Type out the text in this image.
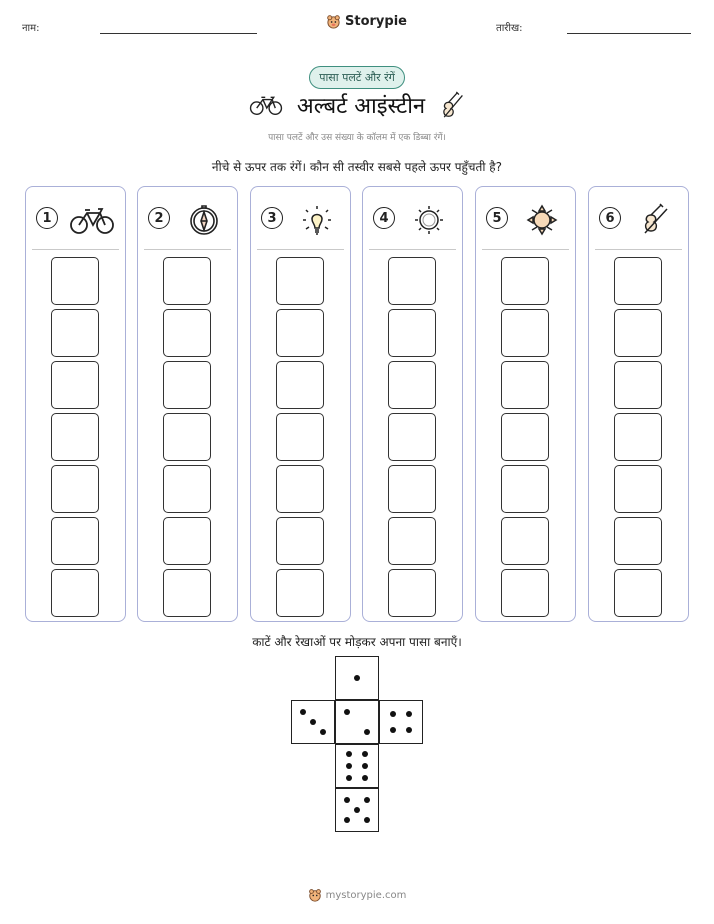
नाम:	Storypie	तारीख:
पासा पलटें और रंगें
अल्बर्ट आइंस्टीन
पासा पलटें और उस संख्या के कॉलम में एक डिब्बा रंगें।
नीचे से ऊपर तक रंगें। कौन सी तस्वीर सबसे पहले ऊपर पहुँचती है?
1	2	3	4	5	6
काटें और रेखाओं पर मोड़कर अपना पासा बनाएँ।
mystorypie.com
